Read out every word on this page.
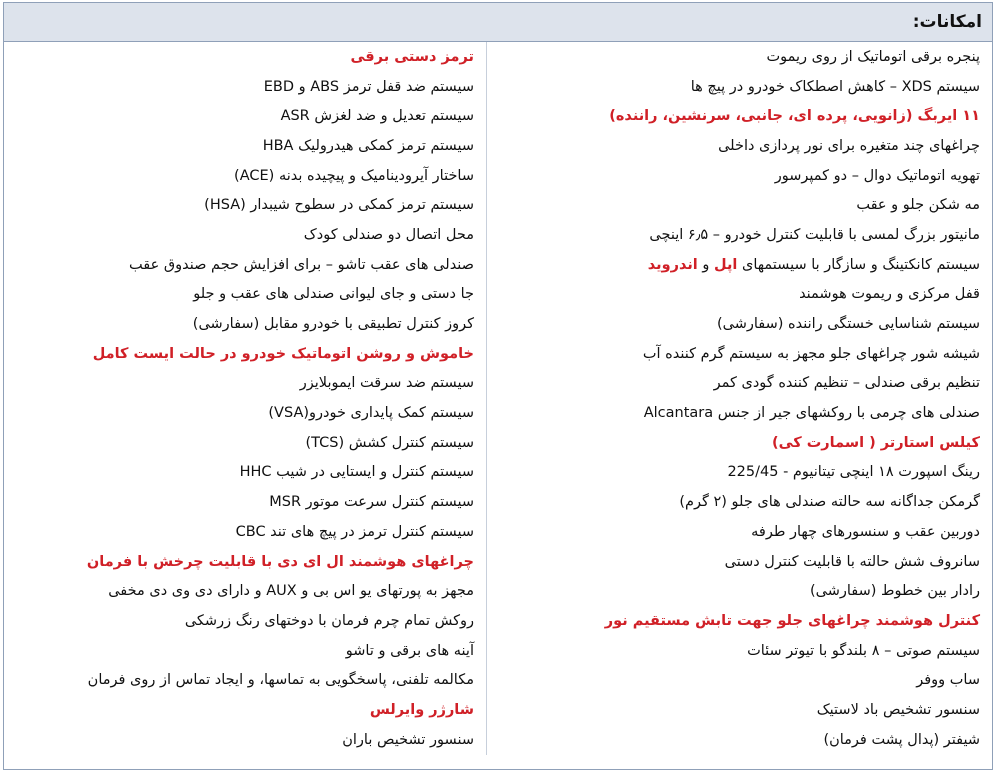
امکانات:
پنجره برقی اتوماتیک از روی ریموت	ترمز دستی برقی
سیستم XDS – کاهش اصطکاک خودرو در پیچ ها	سیستم ضد قفل ترمز ABS و EBD
۱۱ ایربگ (زانویی، پرده ای، جانبی، سرنشین، راننده)	سیستم تعدیل و ضد لغزش ASR
چراغهای چند متغیره برای نور پردازی داخلی	سیستم ترمز کمکی هیدرولیک HBA
تهویه اتوماتیک دوال – دو کمپرسور	ساختار آیرودینامیک و پیچیده بدنه (ACE)
مه شکن جلو و عقب	سیستم ترمز کمکی در سطوح شیبدار (HSA)
مانیتور بزرگ لمسی با قابلیت کنترل خودرو – ۶٫۵ اینچی	محل اتصال دو صندلی کودک
سیستم کانکتینگ و سازگار با سیستمهای اپل و اندروید	صندلی های عقب تاشو – برای افزایش حجم صندوق عقب
قفل مرکزی و ریموت هوشمند	جا دستی و جای لیوانی صندلی های عقب و جلو
سیستم شناسایی خستگی راننده (سفارشی)	کروز کنترل تطبیقی با خودرو مقابل (سفارشی)
شیشه شور چراغهای جلو مجهز به سیستم گرم کننده آب	خاموش و روشن اتوماتیک خودرو در حالت ایست کامل
تنظیم برقی صندلی – تنظیم کننده گودی کمر	سیستم ضد سرقت ایموبلایزر
صندلی های چرمی با روکشهای جیر از جنس Alcantara	سیستم کمک پایداری خودرو(VSA)
کیلس استارتر ( اسمارت کی)	سیستم کنترل کشش (TCS)
رینگ اسپورت ۱۸ اینچی تیتانیوم - 225/45	سیستم کنترل و ایستایی در شیب HHC
گرمکن جداگانه سه حالته صندلی های جلو (۲ گرم)	سیستم کنترل سرعت موتور MSR
دوربین عقب و سنسورهای چهار طرفه	سیستم کنترل ترمز در پیچ های تند CBC
سانروف شش حالته با قابلیت کنترل دستی	چراغهای هوشمند ال ای دی با قابلیت چرخش با فرمان
رادار بین خطوط (سفارشی)	مجهز به پورتهای یو اس بی و AUX و دارای دی وی دی مخفی
کنترل هوشمند چراغهای جلو جهت تابش مستقیم نور	روکش تمام چرم فرمان با دوختهای رنگ زرشکی
سیستم صوتی – ۸ بلندگو با تیوتر سئات	آینه های برقی و تاشو
ساب ووفر	مکالمه تلفنی، پاسخگویی به تماسها، و ایجاد تماس از روی فرمان
سنسور تشخیص باد لاستیک	شارژر وایرلس
شیفتر (پدال پشت فرمان)	سنسور تشخیص باران
